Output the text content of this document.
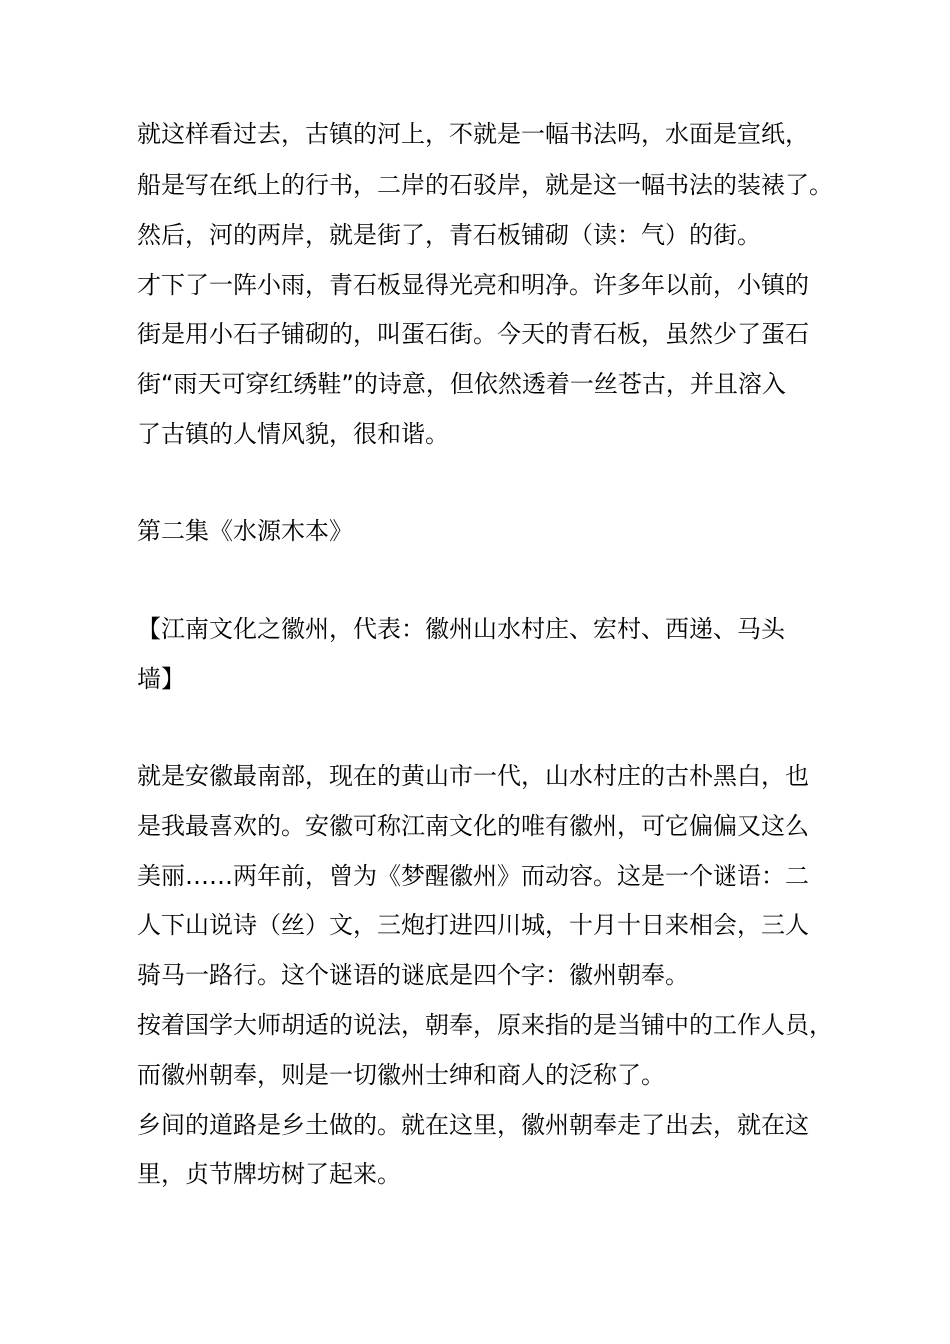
就这样看过去，古镇的河上，不就是一幅书法吗，水面是宣纸，

船是写在纸上的行书，二岸的石驳岸，就是这一幅书法的装裱了。

然后，河的两岸，就是街了，青石板铺砌（读：气）的街。

才下了一阵小雨，青石板显得光亮和明净。许多年以前，小镇的

街是用小石子铺砌的，叫蛋石街。今天的青石板，虽然少了蛋石

街“雨天可穿红绣鞋”的诗意，但依然透着一丝苍古，并且溶入

了古镇的人情风貌，很和谐。

第二集《水源木本》

【江南文化之徽州，代表：徽州山水村庄、宏村、西递、马头

墙】

就是安徽最南部，现在的黄山市一代，山水村庄的古朴黑白，也

是我最喜欢的。安徽可称江南文化的唯有徽州，可它偏偏又这么

美丽……两年前，曾为《梦醒徽州》而动容。这是一个谜语：二

人下山说诗（丝）文，三炮打进四川城，十月十日来相会，三人

骑马一路行。这个谜语的谜底是四个字：徽州朝奉。

按着国学大师胡适的说法，朝奉，原来指的是当铺中的工作人员，

而徽州朝奉，则是一切徽州士绅和商人的泛称了。

乡间的道路是乡土做的。就在这里，徽州朝奉走了出去，就在这

里，贞节牌坊树了起来。
